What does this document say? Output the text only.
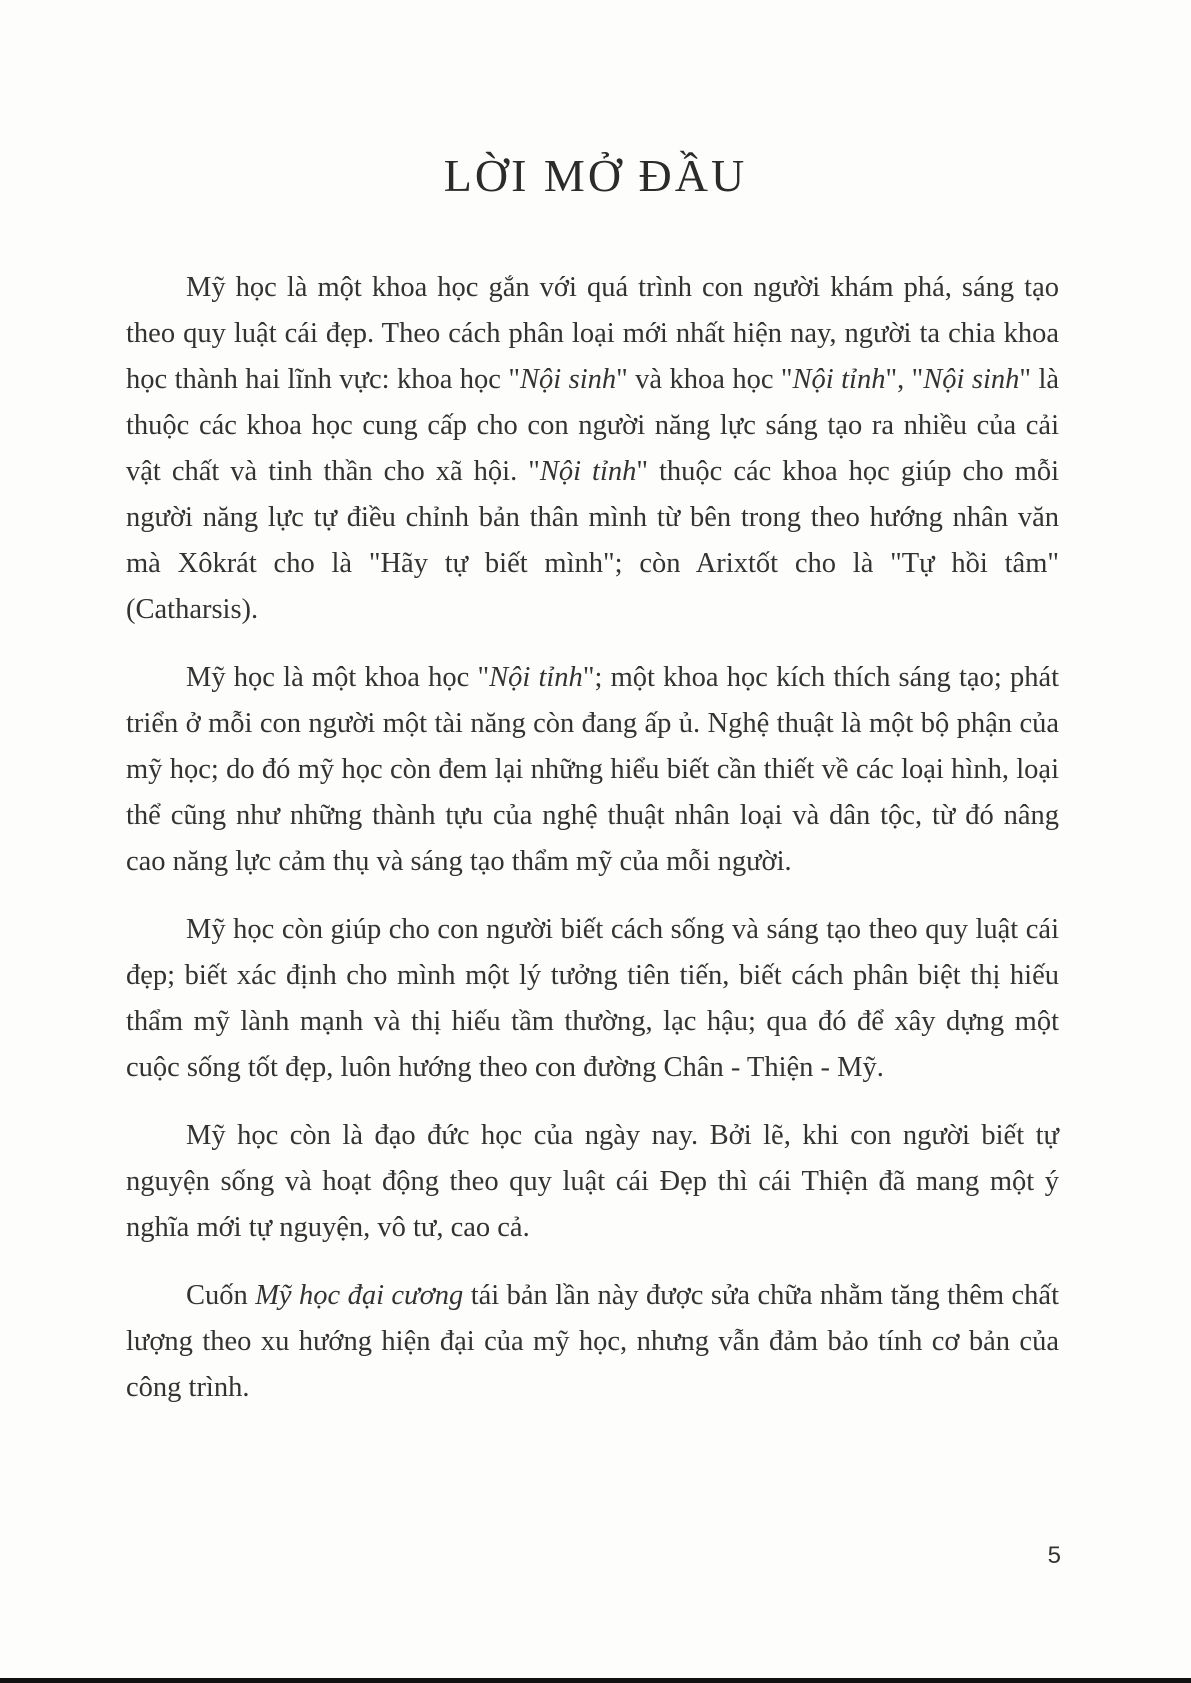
LỜI MỞ ĐẦU

Mỹ học là một khoa học gắn với quá trình con người khám phá, sáng tạo theo quy luật cái đẹp. Theo cách phân loại mới nhất hiện nay, người ta chia khoa học thành hai lĩnh vực: khoa học "Nội sinh" và khoa học "Nội tỉnh", "Nội sinh" là thuộc các khoa học cung cấp cho con người năng lực sáng tạo ra nhiều của cải vật chất và tinh thần cho xã hội. "Nội tỉnh" thuộc các khoa học giúp cho mỗi người năng lực tự điều chỉnh bản thân mình từ bên trong theo hướng nhân văn mà Xôkrát cho là "Hãy tự biết mình"; còn Arixtốt cho là "Tự hồi tâm" (Catharsis).

Mỹ học là một khoa học "Nội tỉnh"; một khoa học kích thích sáng tạo; phát triển ở mỗi con người một tài năng còn đang ấp ủ. Nghệ thuật là một bộ phận của mỹ học; do đó mỹ học còn đem lại những hiểu biết cần thiết về các loại hình, loại thể cũng như những thành tựu của nghệ thuật nhân loại và dân tộc, từ đó nâng cao năng lực cảm thụ và sáng tạo thẩm mỹ của mỗi người.

Mỹ học còn giúp cho con người biết cách sống và sáng tạo theo quy luật cái đẹp; biết xác định cho mình một lý tưởng tiên tiến, biết cách phân biệt thị hiếu thẩm mỹ lành mạnh và thị hiếu tầm thường, lạc hậu; qua đó để xây dựng một cuộc sống tốt đẹp, luôn hướng theo con đường Chân - Thiện - Mỹ.

Mỹ học còn là đạo đức học của ngày nay. Bởi lẽ, khi con người biết tự nguyện sống và hoạt động theo quy luật cái Đẹp thì cái Thiện đã mang một ý nghĩa mới tự nguyện, vô tư, cao cả.

Cuốn Mỹ học đại cương tái bản lần này được sửa chữa nhằm tăng thêm chất lượng theo xu hướng hiện đại của mỹ học, nhưng vẫn đảm bảo tính cơ bản của công trình.

5
